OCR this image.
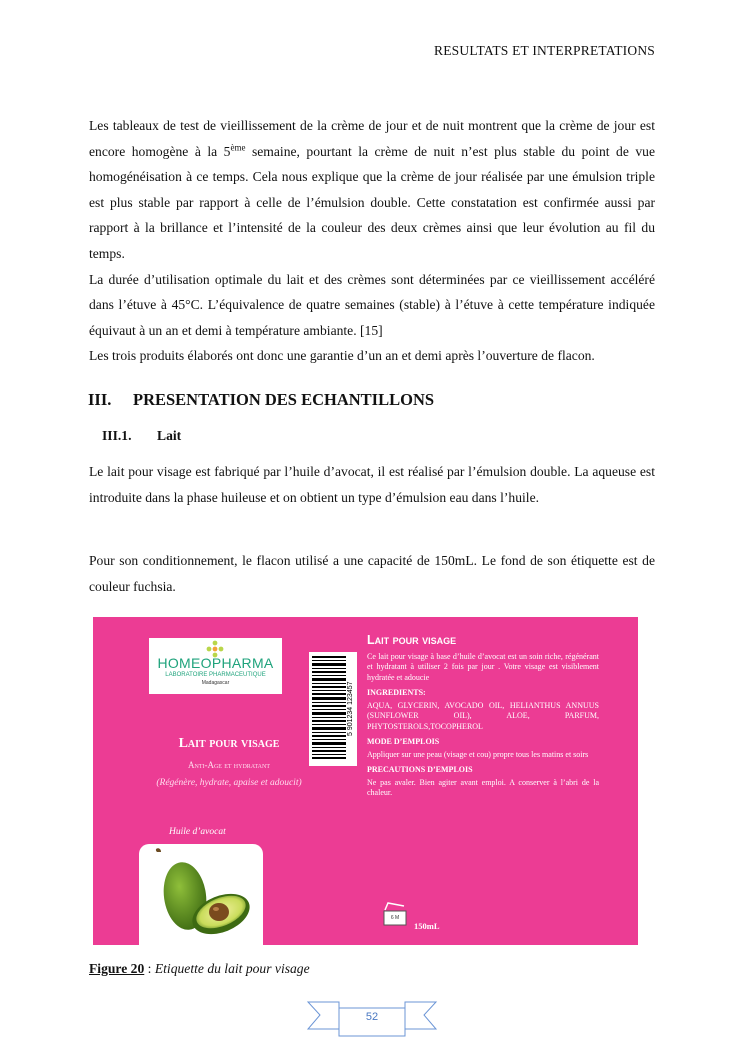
RESULTATS ET INTERPRETATIONS

Les tableaux de test de vieillissement de la crème de jour et de nuit montrent que la crème de jour est encore homogène à la 5ème semaine, pourtant la crème de nuit n’est plus stable du point de vue homogénéisation à ce temps. Cela nous explique que la crème de jour réalisée par une émulsion triple est plus stable par rapport à celle de l’émulsion double. Cette constatation est confirmée aussi par rapport à la brillance et l’intensité de la couleur des deux crèmes ainsi que leur évolution au fil du temps.

La durée d’utilisation optimale du lait et des crèmes sont déterminées par ce vieillissement accéléré dans l’étuve à 45°C. L’équivalence de quatre semaines (stable) à l’étuve à cette température indiquée équivaut à un an et demi à température ambiante. [15]

Les trois produits élaborés ont donc une garantie d’un an et demi après l’ouverture de flacon.

III. PRESENTATION DES ECHANTILLONS
III.1. Lait

Le lait pour visage est fabriqué par l’huile d’avocat, il est réalisé par l’émulsion double. La aqueuse est introduite dans la phase huileuse et on obtient un type d’émulsion eau dans l’huile.

Pour son conditionnement, le flacon utilisé a une capacité de 150mL. Le fond de son étiquette est de couleur fuchsia.

HOMEOPHARMA
LABORATOIRE PHARMACEUTIQUE
Madagascar	5 901234 123457
Lait pour visage
Anti-Age et hydratant
(Régénère, hydrate, apaise et adoucit)
Huile d’avocat
Lait pour visage

Ce lait pour visage à base d’huile d’avocat est un soin riche, régénérant et hydratant à utiliser 2 fois par jour . Votre visage est visiblement hydratée et adoucie

INGREDIENTS:

AQUA, GLYCERIN, AVOCADO OIL, HELIANTHUS ANNUUS (SUNFLOWER OIL), ALOE, PARFUM, PHYTOSTEROLS,TOCOPHEROL

MODE D’EMPLOIS

Appliquer sur une peau (visage et cou) propre tous les matins et soirs

PRECAUTIONS D’EMPLOIS

Ne pas avaler. Bien agiter avant emploi. A conserver à l’abri de la chaleur.

6 M
150mL
Figure 20 : Etiquette du lait pour visage
52
